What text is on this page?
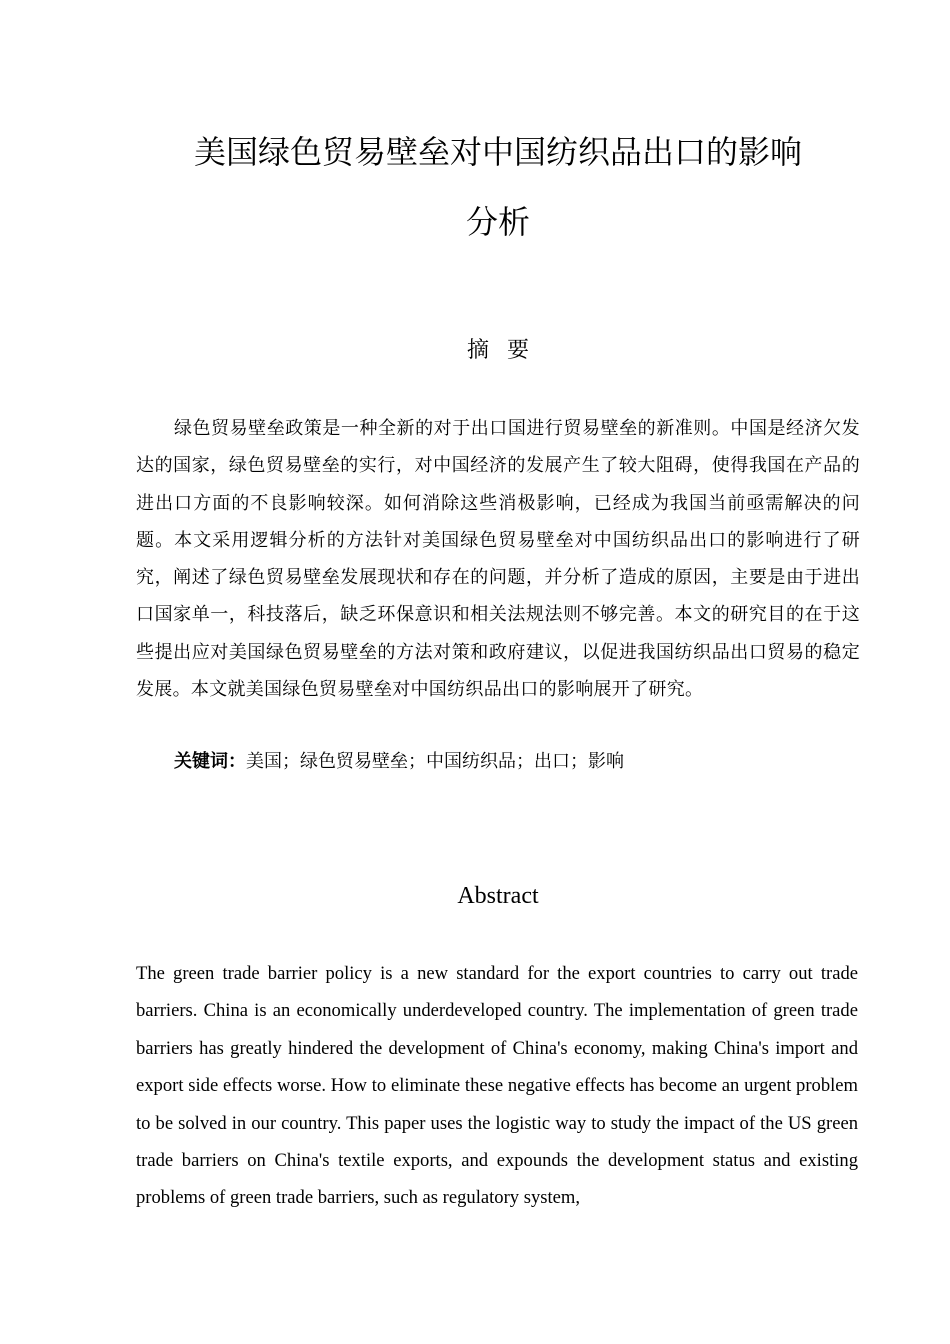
美国绿色贸易壁垒对中国纺织品出口的影响
分析
摘要

绿色贸易壁垒政策是一种全新的对于出口国进行贸易壁垒的新准则。中国是经济欠发达的国家，绿色贸易壁垒的实行，对中国经济的发展产生了较大阻碍，使得我国在产品的进出口方面的不良影响较深。如何消除这些消极影响，已经成为我国当前亟需解决的问题。本文采用逻辑分析的方法针对美国绿色贸易壁垒对中国纺织品出口的影响进行了研究，阐述了绿色贸易壁垒发展现状和存在的问题，并分析了造成的原因，主要是由于进出口国家单一，科技落后，缺乏环保意识和相关法规法则不够完善。本文的研究目的在于这些提出应对美国绿色贸易壁垒的方法对策和政府建议，以促进我国纺织品出口贸易的稳定发展。本文就美国绿色贸易壁垒对中国纺织品出口的影响展开了研究。

关键词：美国；绿色贸易壁垒；中国纺织品；出口；影响
Abstract

The green trade barrier policy is a new standard for the export countries to carry out trade barriers. China is an economically underdeveloped country. The implementation of green trade barriers has greatly hindered the development of China's economy, making China's import and export side effects worse. How to eliminate these negative effects has become an urgent problem to be solved in our country. This paper uses the logistic way to study the impact of the US green trade barriers on China's textile exports, and expounds the development status and existing problems of green trade barriers, such as regulatory system,
